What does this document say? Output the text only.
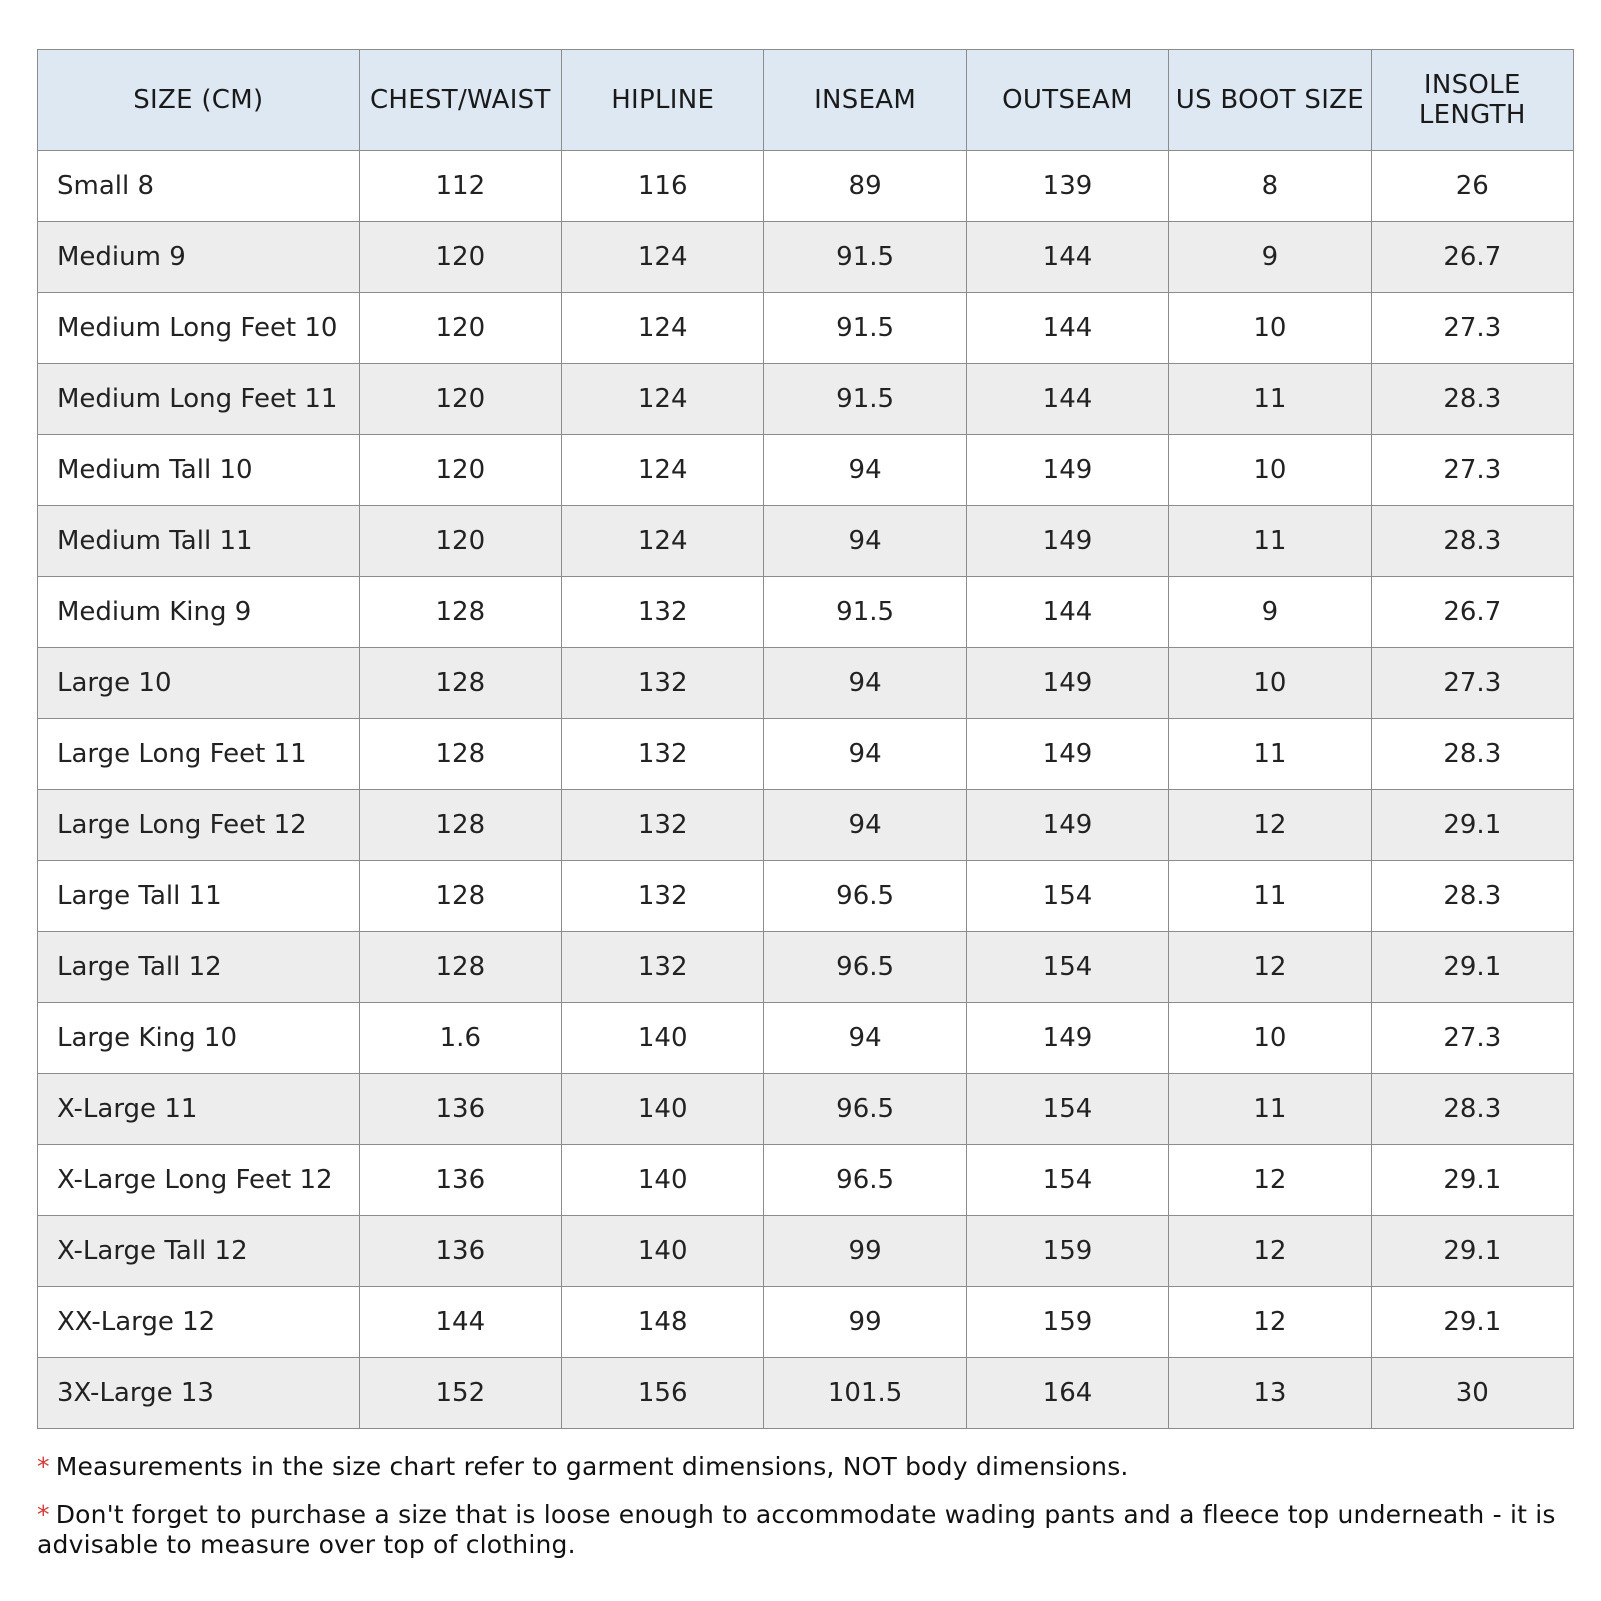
SIZE (CM)	CHEST/WAIST	HIPLINE	INSEAM	OUTSEAM	US BOOT SIZE	INSOLE LENGTH
Small 8	112	116	89	139	8	26
Medium 9	120	124	91.5	144	9	26.7
Medium Long Feet 10	120	124	91.5	144	10	27.3
Medium Long Feet 11	120	124	91.5	144	11	28.3
Medium Tall 10	120	124	94	149	10	27.3
Medium Tall 11	120	124	94	149	11	28.3
Medium King 9	128	132	91.5	144	9	26.7
Large 10	128	132	94	149	10	27.3
Large Long Feet 11	128	132	94	149	11	28.3
Large Long Feet 12	128	132	94	149	12	29.1
Large Tall 11	128	132	96.5	154	11	28.3
Large Tall 12	128	132	96.5	154	12	29.1
Large King 10	1.6	140	94	149	10	27.3
X-Large 11	136	140	96.5	154	11	28.3
X-Large Long Feet 12	136	140	96.5	154	12	29.1
X-Large Tall 12	136	140	99	159	12	29.1
XX-Large 12	144	148	99	159	12	29.1
3X-Large 13	152	156	101.5	164	13	30
* Measurements in the size chart refer to garment dimensions, NOT body dimensions.
* Don't forget to purchase a size that is loose enough to accommodate wading pants and a fleece top underneath - it is advisable to measure over top of clothing.
